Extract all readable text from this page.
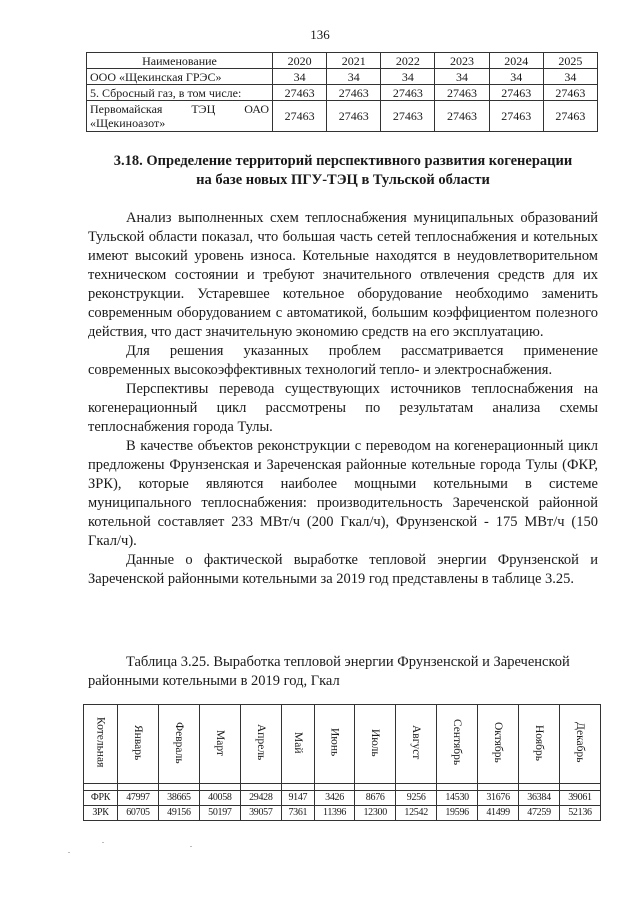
136
Наименование	2020	2021	2022	2023	2024	2025
ООО «Щекинская ГРЭС»	34	34	34	34	34	34
5. Сбросный газ, в том числе:	27463	27463	27463	27463	27463	27463

Первомайская ТЭЦ ОАО
«Щекиноазот»	27463	27463	27463	27463	27463	27463
3.18. Определение территорий перспективного развития когенерации
на базе новых ПГУ-ТЭЦ в Тульской области

Анализ выполненных схем теплоснабжения муниципальных образований Тульской области показал, что большая часть сетей теплоснабжения и котельных имеют высокий уровень износа. Котельные находятся в неудовлетворительном техническом состоянии и требуют значительного отвлечения средств для их реконструкции. Устаревшее котельное оборудование необходимо заменить современным оборудованием с автоматикой, большим коэффициентом полезного действия, что даст значительную экономию средств на его эксплуатацию.

Для решения указанных проблем рассматривается применение современных высокоэффективных технологий тепло- и электроснабжения.

Перспективы перевода существующих источников теплоснабжения на когенерационный цикл рассмотрены по результатам анализа схемы теплоснабжения города Тулы.

В качестве объектов реконструкции с переводом на когенерационный цикл предложены Фрунзенская и Зареченская районные котельные города Тулы (ФКР, ЗРК), которые являются наиболее мощными котельными в системе муниципального теплоснабжения: производительность Зареченской районной котельной составляет 233 МВт/ч (200 Гкал/ч), Фрунзенской - 175 МВт/ч (150 Гкал/ч).

Данные о фактической выработке тепловой энергии Фрунзенской и Зареченской районными котельными за 2019 год представлены в таблице 3.25.

Таблица 3.25. Выработка тепловой энергии Фрунзенской и Зареченской
районными котельными в 2019 год, Гкал
Котельная	Январь	Февраль	Март	Апрель	Май	Июнь	Июль	Август	Сентябрь	Октябрь	Ноябрь	Декабрь

ФРК	47997	38665	40058	29428	9147	3426	8676	9256	14530	31676	36384	39061
ЗРК	60705	49156	50197	39057	7361	11396	12300	12542	19596	41499	47259	52136
